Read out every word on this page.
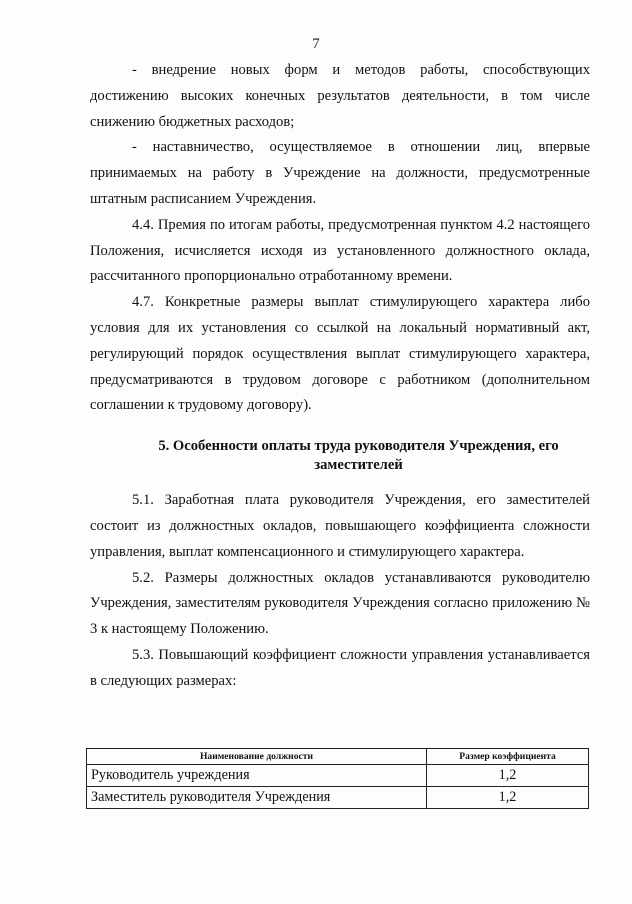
7

- внедрение новых форм и методов работы, способствующих достижению высоких конечных результатов деятельности, в том числе снижению бюджетных расходов;

- наставничество, осуществляемое в отношении лиц, впервые принимаемых на работу в Учреждение на должности, предусмотренные штатным расписанием Учреждения.

4.4. Премия по итогам работы, предусмотренная пунктом 4.2 настоящего Положения, исчисляется исходя из установленного должностного оклада, рассчитанного пропорционально отработанному времени.

4.7. Конкретные размеры выплат стимулирующего характера либо условия для их установления со ссылкой на локальный нормативный акт, регулирующий порядок осуществления выплат стимулирующего характера, предусматриваются в трудовом договоре с работником (дополнительном соглашении к трудовому договору).

5. Особенности оплаты труда руководителя Учреждения, его заместителей

5.1. Заработная плата руководителя Учреждения, его заместителей состоит из должностных окладов, повышающего коэффициента сложности управления, выплат компенсационного и стимулирующего характера.

5.2. Размеры должностных окладов устанавливаются руководителю Учреждения, заместителям руководителя Учреждения согласно приложению № 3 к настоящему Положению.

5.3. Повышающий коэффициент сложности управления устанавливается в следующих размерах:

Наименование должности	Размер коэффициента
Руководитель учреждения	1,2
Заместитель руководителя Учреждения	1,2
